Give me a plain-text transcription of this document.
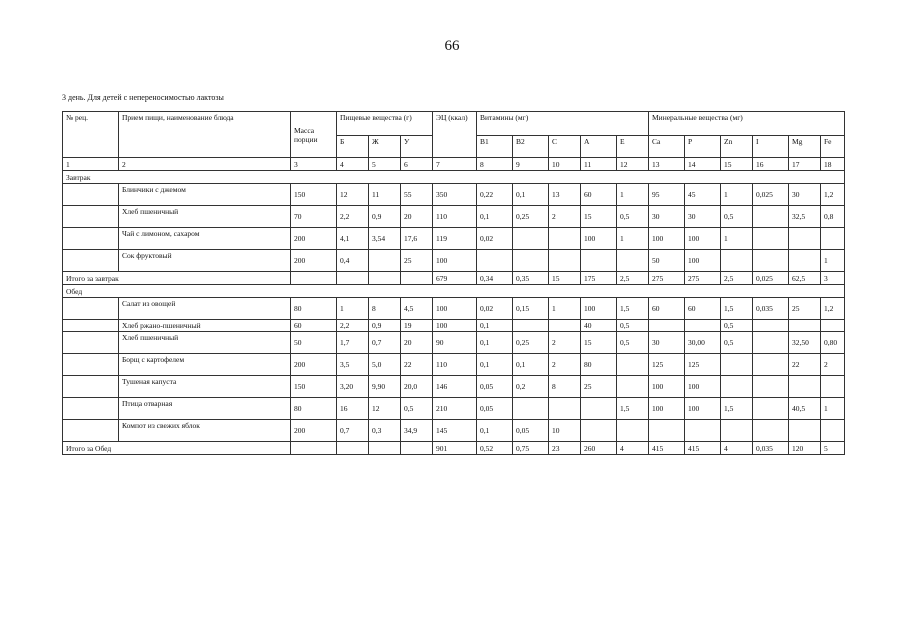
66
3 день. Для детей с непереносимостью лактозы
№ рец.	Прием пищи, наименование блюда	Масса порции	Пищевые вещества (г)			ЭЦ (ккал)	Витамины (мг)					Минеральные вещества (мг)					
			Б	Ж	У		B1	B2	C	A	E	Ca	P	Zn	I	Mg	Fe
1	2	3	4	5	6	7	8	9	10	11	12	13	14	15	16	17	18
Завтрак																	
	Блинчики с джемом	150	12	11	55	350	0,22	0,1	13	60	1	95	45	1	0,025	30	1,2
	Хлеб пшеничный	70	2,2	0,9	20	110	0,1	0,25	2	15	0,5	30	30	0,5		32,5	0,8
	Чай с лимоном, сахаром	200	4,1	3,54	17,6	119	0,02			100	1	100	100	1			
	Сок фруктовый	200	0,4		25	100						50	100				1
Итого за завтрак						679	0,34	0,35	15	175	2,5	275	275	2,5	0,025	62,5	3
Обед																	
	Салат из овощей	80	1	8	4,5	100	0,02	0,15	1	100	1,5	60	60	1,5	0,035	25	1,2
	Хлеб ржано-пшеничный	60	2,2	0,9	19	100	0,1			40	0,5			0,5			
	Хлеб пшеничный	50	1,7	0,7	20	90	0,1	0,25	2	15	0,5	30	30,00	0,5		32,50	0,80
	Борщ с картофелем	200	3,5	5,0	22	110	0,1	0,1	2	80		125	125			22	2
	Тушеная капуста	150	3,20	9,90	20,0	146	0,05	0,2	8	25		100	100				
	Птица отварная	80	16	12	0,5	210	0,05				1,5	100	100	1,5		40,5	1
	Компот из свежих яблок	200	0,7	0,3	34,9	145	0,1	0,05	10								
Итого за Обед						901	0,52	0,75	23	260	4	415	415	4	0,035	120	5
